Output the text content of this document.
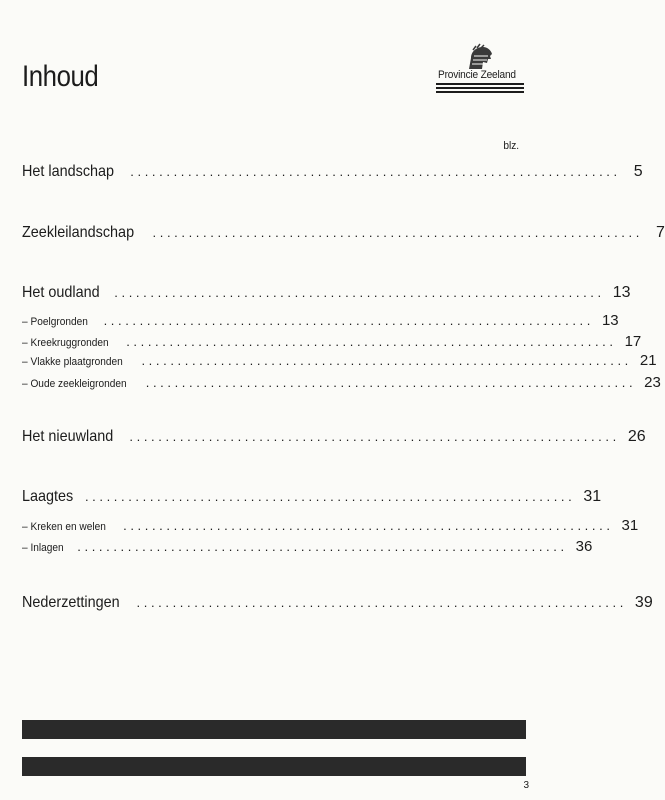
Inhoud	Provincie Zeeland
blz.
Het landschap	.................................................................... 5
Zeekleilandschap	.................................................................... 7
Het oudland	.................................................................... 13
– Poelgronden	.................................................................... 13
– Kreekruggronden	.................................................................... 17
– Vlakke plaatgronden	.................................................................... 21
– Oude zeekleigronden	.................................................................... 23
Het nieuwland	.................................................................... 26
Laagtes .................................................................... 31
– Kreken en welen	.................................................................... 31
– Inlagen	.................................................................... 36
Nederzettingen	.................................................................... 39
3
